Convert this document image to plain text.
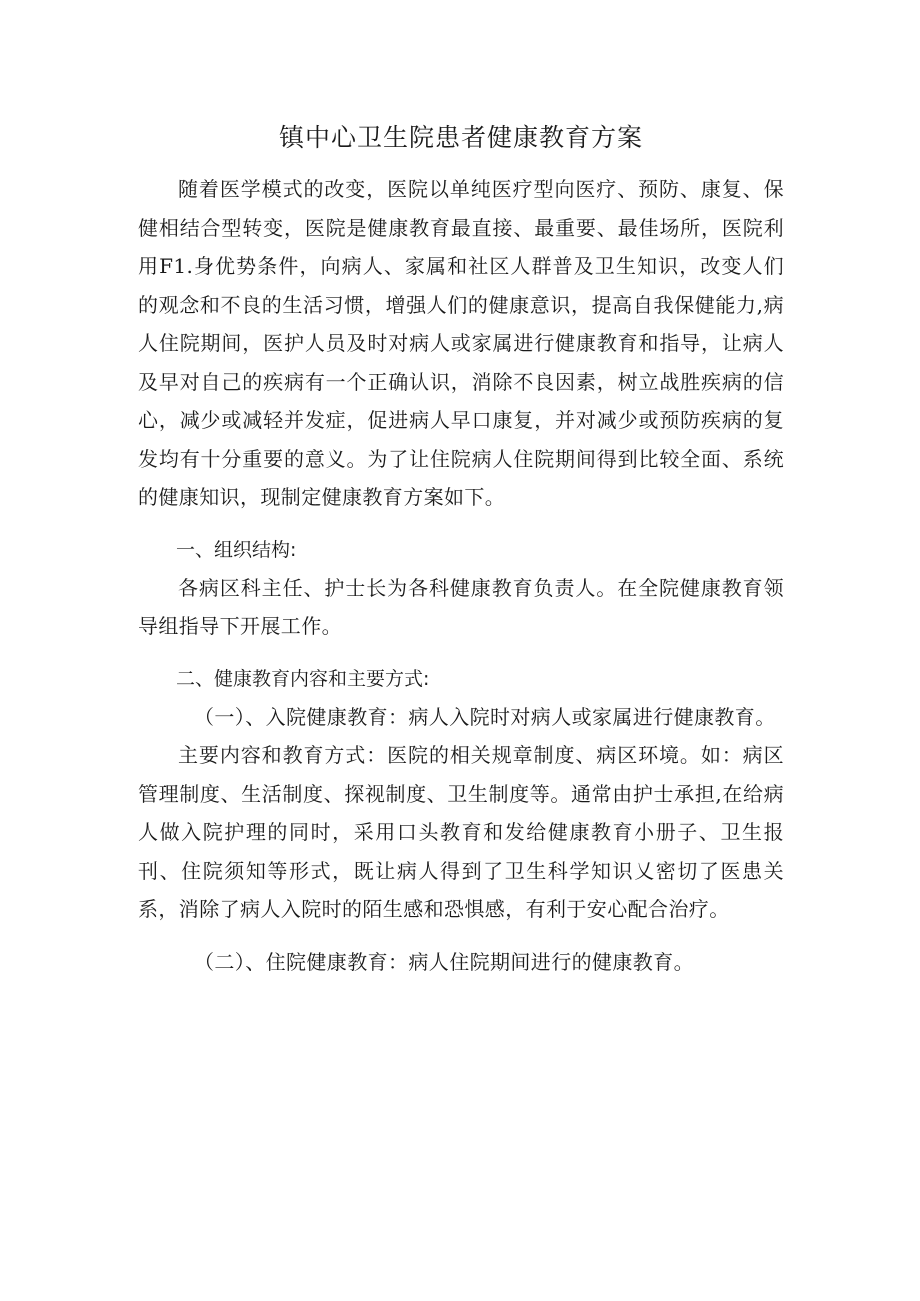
镇中心卫生院患者健康教育方案

随着医学模式的改变，医院以单纯医疗型向医疗、预防、康复、保健相结合型转变，医院是健康教育最直接、最重要、最佳场所，医院利用F1.身优势条件，向病人、家属和社区人群普及卫生知识，改变人们的观念和不良的生活习惯，增强人们的健康意识，提高自我保健能力,病人住院期间，医护人员及时对病人或家属进行健康教育和指导，让病人及早对自己的疾病有一个正确认识，消除不良因素，树立战胜疾病的信心，减少或减轻并发症，促进病人早口康复，并对减少或预防疾病的复发均有十分重要的意义。为了让住院病人住院期间得到比较全面、系统的健康知识，现制定健康教育方案如下。

一、组织结构:

各病区科主任、护士长为各科健康教育负责人。在全院健康教育领导组指导下开展工作。

二、健康教育内容和主要方式:

（一）、入院健康教育：病人入院时对病人或家属进行健康教育。

主要内容和教育方式：医院的相关规章制度、病区环境。如：病区管理制度、生活制度、探视制度、卫生制度等。通常由护士承担,在给病人做入院护理的同时，采用口头教育和发给健康教育小册子、卫生报刊、住院须知等形式，既让病人得到了卫生科学知识乂密切了医患关系，消除了病人入院时的陌生感和恐惧感，有利于安心配合治疗。

（二）、住院健康教育：病人住院期间进行的健康教育。
